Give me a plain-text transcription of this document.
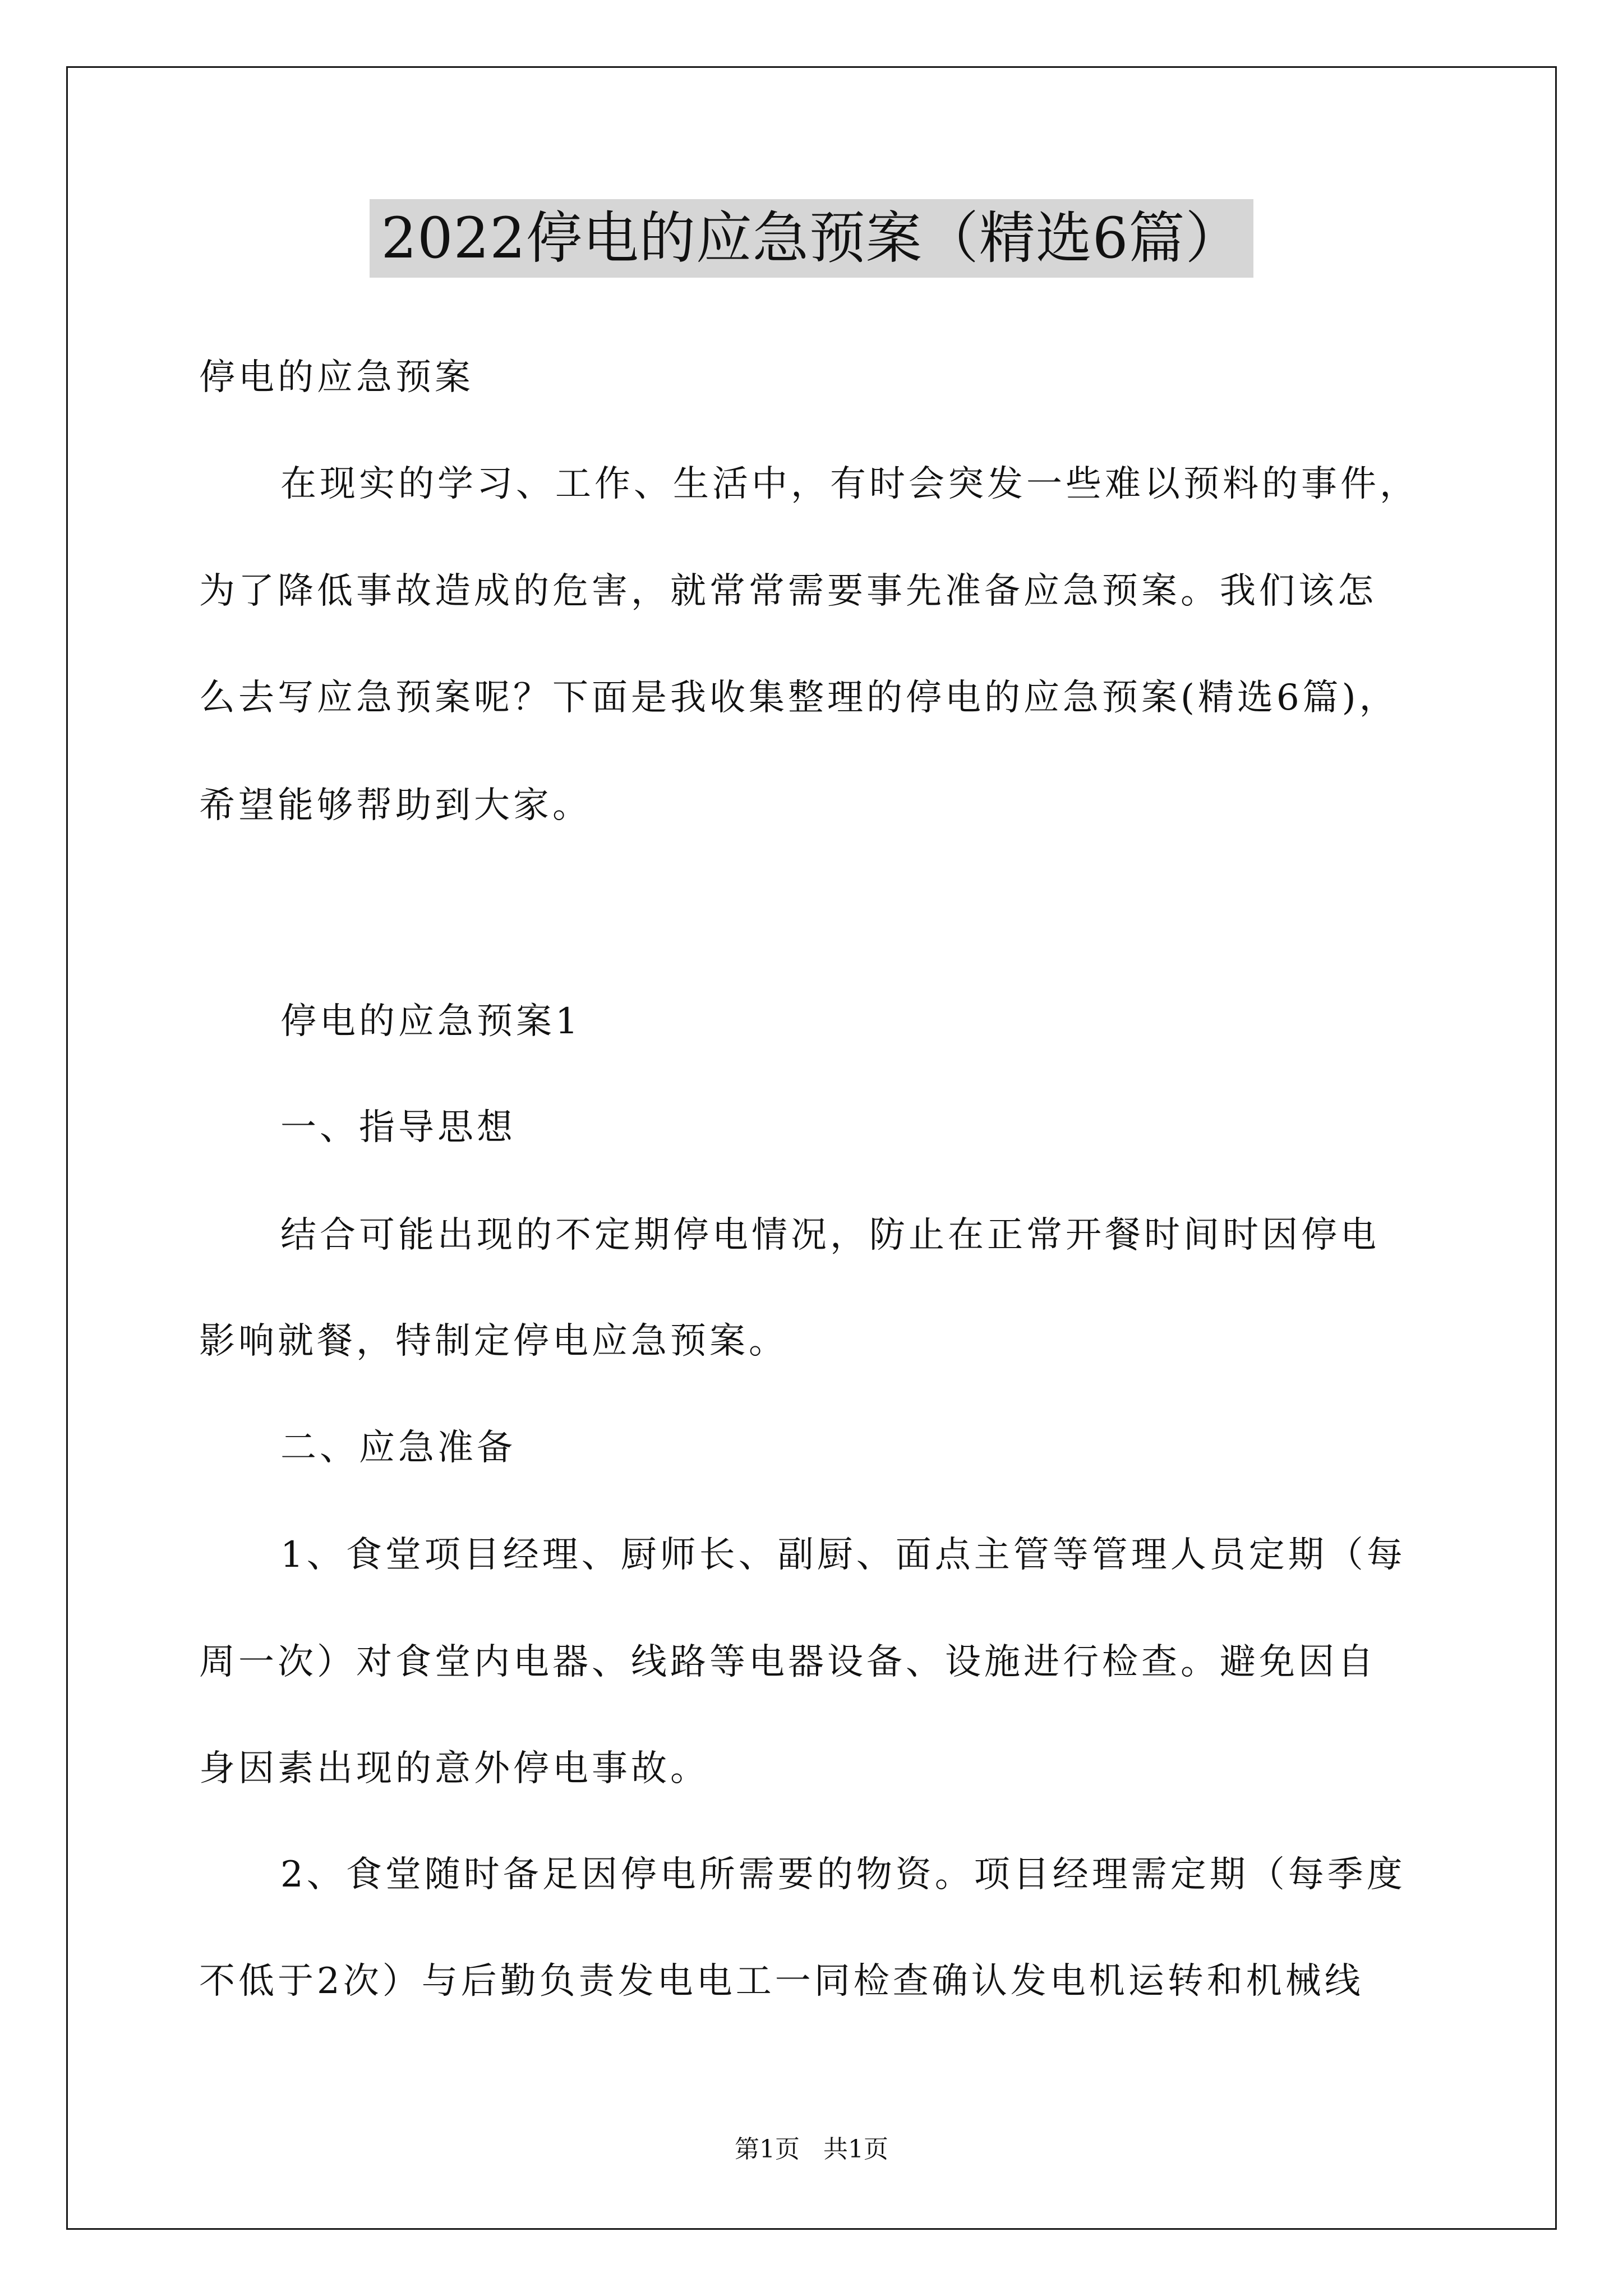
2022停电的应急预案（精选6篇）
停电的应急预案
在现实的学习、工作、生活中，有时会突发一些难以预料的事件，
为了降低事故造成的危害，就常常需要事先准备应急预案。我们该怎
么去写应急预案呢？下面是我收集整理的停电的应急预案(精选6篇)，
希望能够帮助到大家。
停电的应急预案1
一、指导思想
结合可能出现的不定期停电情况，防止在正常开餐时间时因停电
影响就餐，特制定停电应急预案。
二、应急准备
1、食堂项目经理、厨师长、副厨、面点主管等管理人员定期（每
周一次）对食堂内电器、线路等电器设备、设施进行检查。避免因自
身因素出现的意外停电事故。
2、食堂随时备足因停电所需要的物资。项目经理需定期（每季度
不低于2次）与后勤负责发电电工一同检查确认发电机运转和机械线
第1页   共1页
